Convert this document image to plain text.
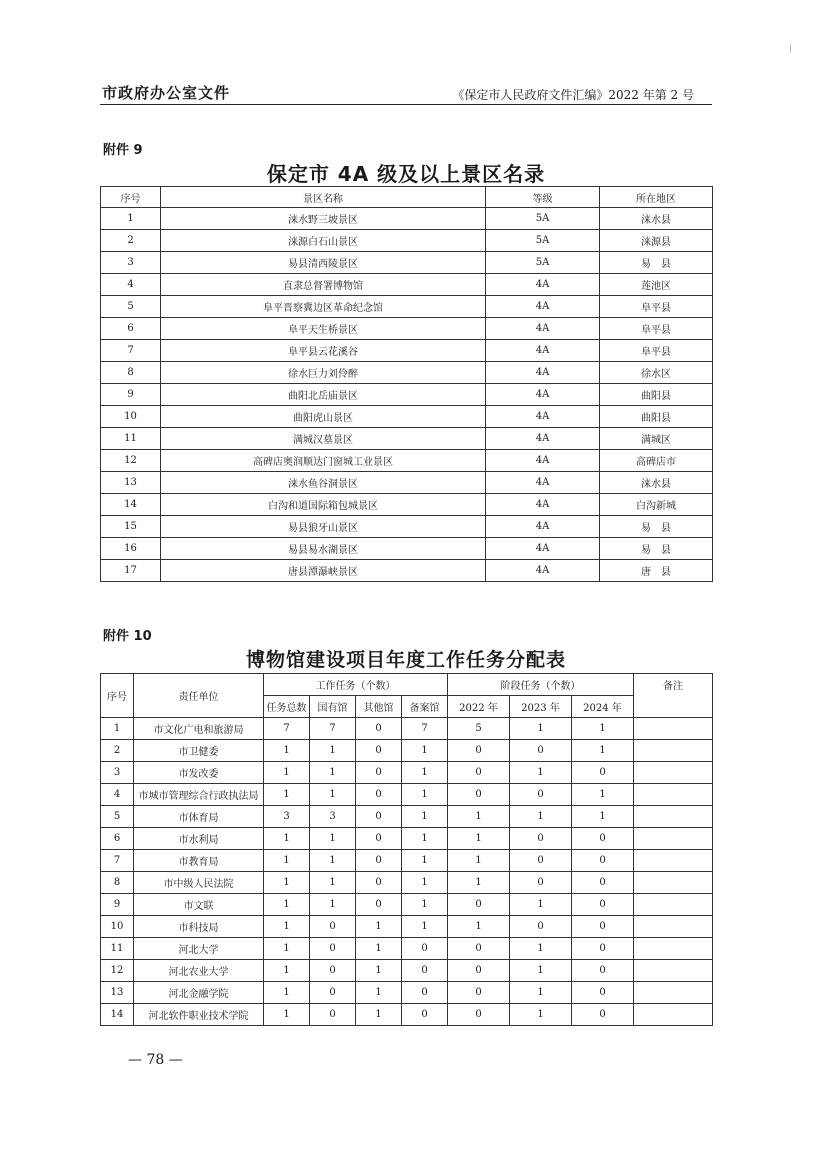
市政府办公室文件	《保定市人民政府文件汇编》2022 年第 2 号
附件 9
保定市 4A 级及以上景区名录
序号	景区名称	等级	所在地区
1	涞水野三坡景区	5A	涞水县
2	涞源白石山景区	5A	涞源县
3	易县清西陵景区	5A	易　县
4	直隶总督署博物馆	4A	莲池区
5	阜平晋察冀边区革命纪念馆	4A	阜平县
6	阜平天生桥景区	4A	阜平县
7	阜平县云花溪谷	4A	阜平县
8	徐水巨力刘伶醉	4A	徐水区
9	曲阳北岳庙景区	4A	曲阳县
10	曲阳虎山景区	4A	曲阳县
11	满城汉墓景区	4A	满城区
12	高碑店奥润顺达门窗城工业景区	4A	高碑店市
13	涞水鱼谷洞景区	4A	涞水县
14	白沟和道国际箱包城景区	4A	白沟新城
15	易县狼牙山景区	4A	易　县
16	易县易水湖景区	4A	易　县
17	唐县潭瀑峡景区	4A	唐　县
附件 10
博物馆建设项目年度工作任务分配表
序号	责任单位	工作任务（个数）				阶段任务（个数）			备注
		任务总数	国有馆	其他馆	备案馆	2022 年	2023 年	2024 年	
1	市文化广电和旅游局	7	7	0	7	5	1	1	
2	市卫健委	1	1	0	1	0	0	1	
3	市发改委	1	1	0	1	0	1	0	
4	市城市管理综合行政执法局	1	1	0	1	0	0	1	
5	市体育局	3	3	0	1	1	1	1	
6	市水利局	1	1	0	1	1	0	0	
7	市教育局	1	1	0	1	1	0	0	
8	市中级人民法院	1	1	0	1	1	0	0	
9	市文联	1	1	0	1	0	1	0	
10	市科技局	1	0	1	1	1	0	0	
11	河北大学	1	0	1	0	0	1	0	
12	河北农业大学	1	0	1	0	0	1	0	
13	河北金融学院	1	0	1	0	0	1	0	
14	河北软件职业技术学院	1	0	1	0	0	1	0	
— 78 —
